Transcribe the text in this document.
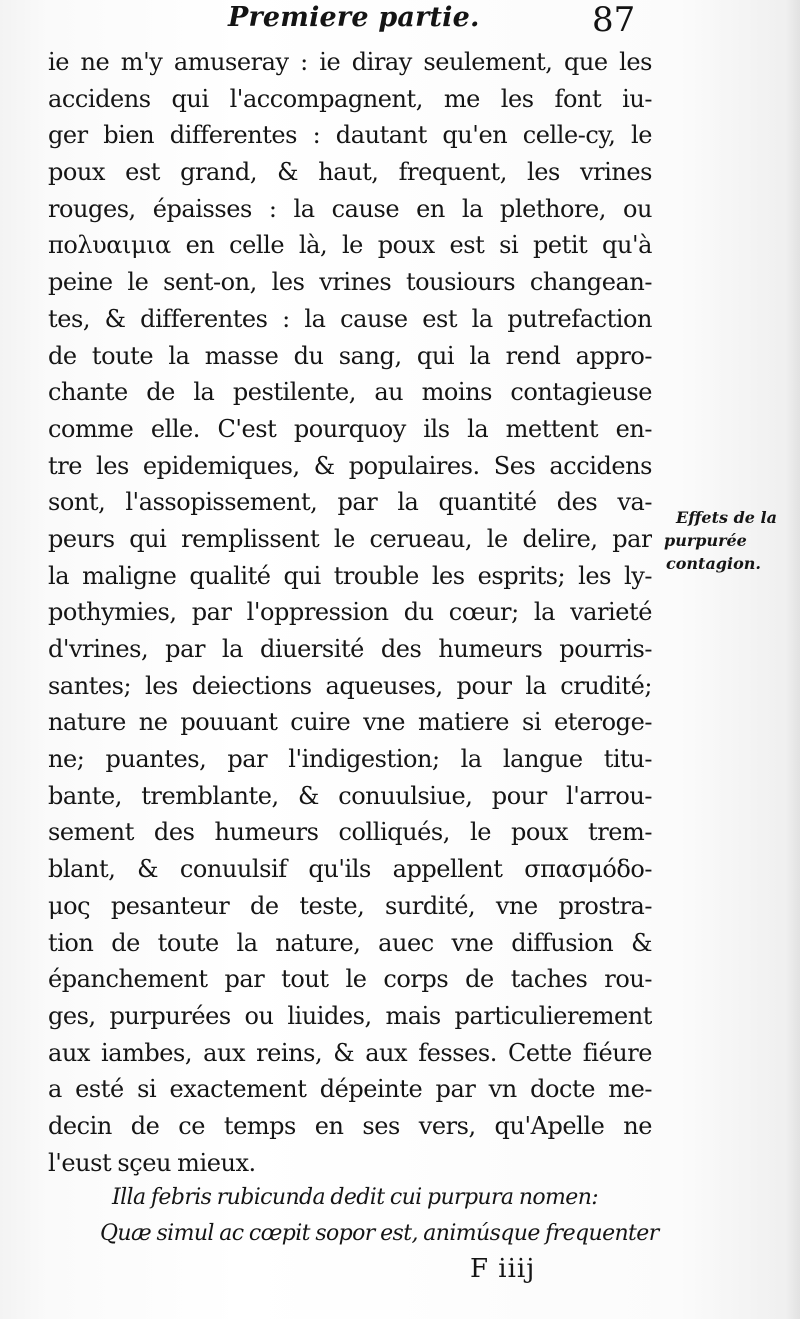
Premiere partie.	87
ie ne m'y amuseray : ie diray seulement, que les
accidens qui l'accompagnent, me les font iu-
ger bien differentes : dautant qu'en celle-cy, le
poux est grand, & haut, frequent, les vrines
rouges, épaisses : la cause en la plethore, ou
πολυαιμια en celle là, le poux est si petit qu'à
peine le sent-on, les vrines tousiours changean-
tes, & differentes : la cause est la putrefaction
de toute la masse du sang, qui la rend appro-
chante de la pestilente, au moins contagieuse
comme elle. C'est pourquoy ils la mettent en-
tre les epidemiques, & populaires. Ses accidens
sont, l'assopissement, par la quantité des va-
peurs qui remplissent le cerueau, le delire, par
la maligne qualité qui trouble les esprits; les ly-
pothymies, par l'oppression du cœur; la varieté
d'vrines, par la diuersité des humeurs pourris-
santes; les deiections aqueuses, pour la crudité;
nature ne pouuant cuire vne matiere si eteroge-
ne; puantes, par l'indigestion; la langue titu-
bante, tremblante, & conuulsiue, pour l'arrou-
sement des humeurs colliqués, le poux trem-
blant, & conuulsif qu'ils appellent σπασμόδο-
μος pesanteur de teste, surdité, vne prostra-
tion de toute la nature, auec vne diffusion &
épanchement par tout le corps de taches rou-
ges, purpurées ou liuides, mais particulierement
aux iambes, aux reins, & aux fesses. Cette fiéure
a esté si exactement dépeinte par vn docte me-
decin de ce temps en ses vers, qu'Apelle ne
l'eust sçeu mieux.
Effets de la
purpurée
contagion.
Illa febris rubicunda dedit cui purpura nomen:
Quæ simul ac cœpit sopor est, animúsque frequenter
F iiij
